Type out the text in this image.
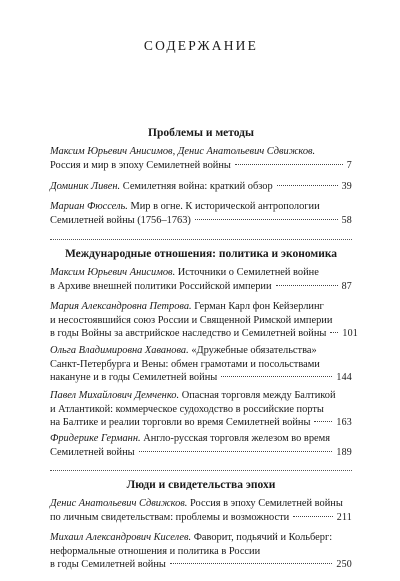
СОДЕРЖАНИЕ
Проблемы и методы
Максим Юрьевич Анисимов, Денис Анатольевич Сдвижков.
Россия и мир в эпоху Семилетней войны	7
Доминик Ливен. Семилетняя война: краткий обзор	39
Мариан Фюссель. Мир в огне. К исторической антропологии
Семилетней войны (1756–1763)	58
Международные отношения: политика и экономика
Максим Юрьевич Анисимов. Источники о Семилетней войне
в Архиве внешней политики Российской империи	87
Мария Александровна Петрова. Герман Карл фон Кейзерлинг
и несостоявшийся союз России и Священной Римской империи
в годы Войны за австрийское наследство и Семилетней войны 101
Ольга Владимировна Хаванова. «Дружебные обязательства»
Санкт-Петербурга и Вены: обмен грамотами и посольствами
накануне и в годы Семилетней войны	144
Павел Михайлович Демченко. Опасная торговля между Балтикой
и Атлантикой: коммерческое судоходство в российские порты
на Балтике и реалии торговли во время Семилетней войны	163
Фридерике Германн. Англо-русская торговля железом во время
Семилетней войны	189
Люди и свидетельства эпохи
Денис Анатольевич Сдвижков. Россия в эпоху Семилетней войны
по личным свидетельствам: проблемы и возможности	211
Михаил Александрович Киселев. Фаворит, подьячий и Кольберг:
неформальные отношения и политика в России
в годы Семилетней войны	250
